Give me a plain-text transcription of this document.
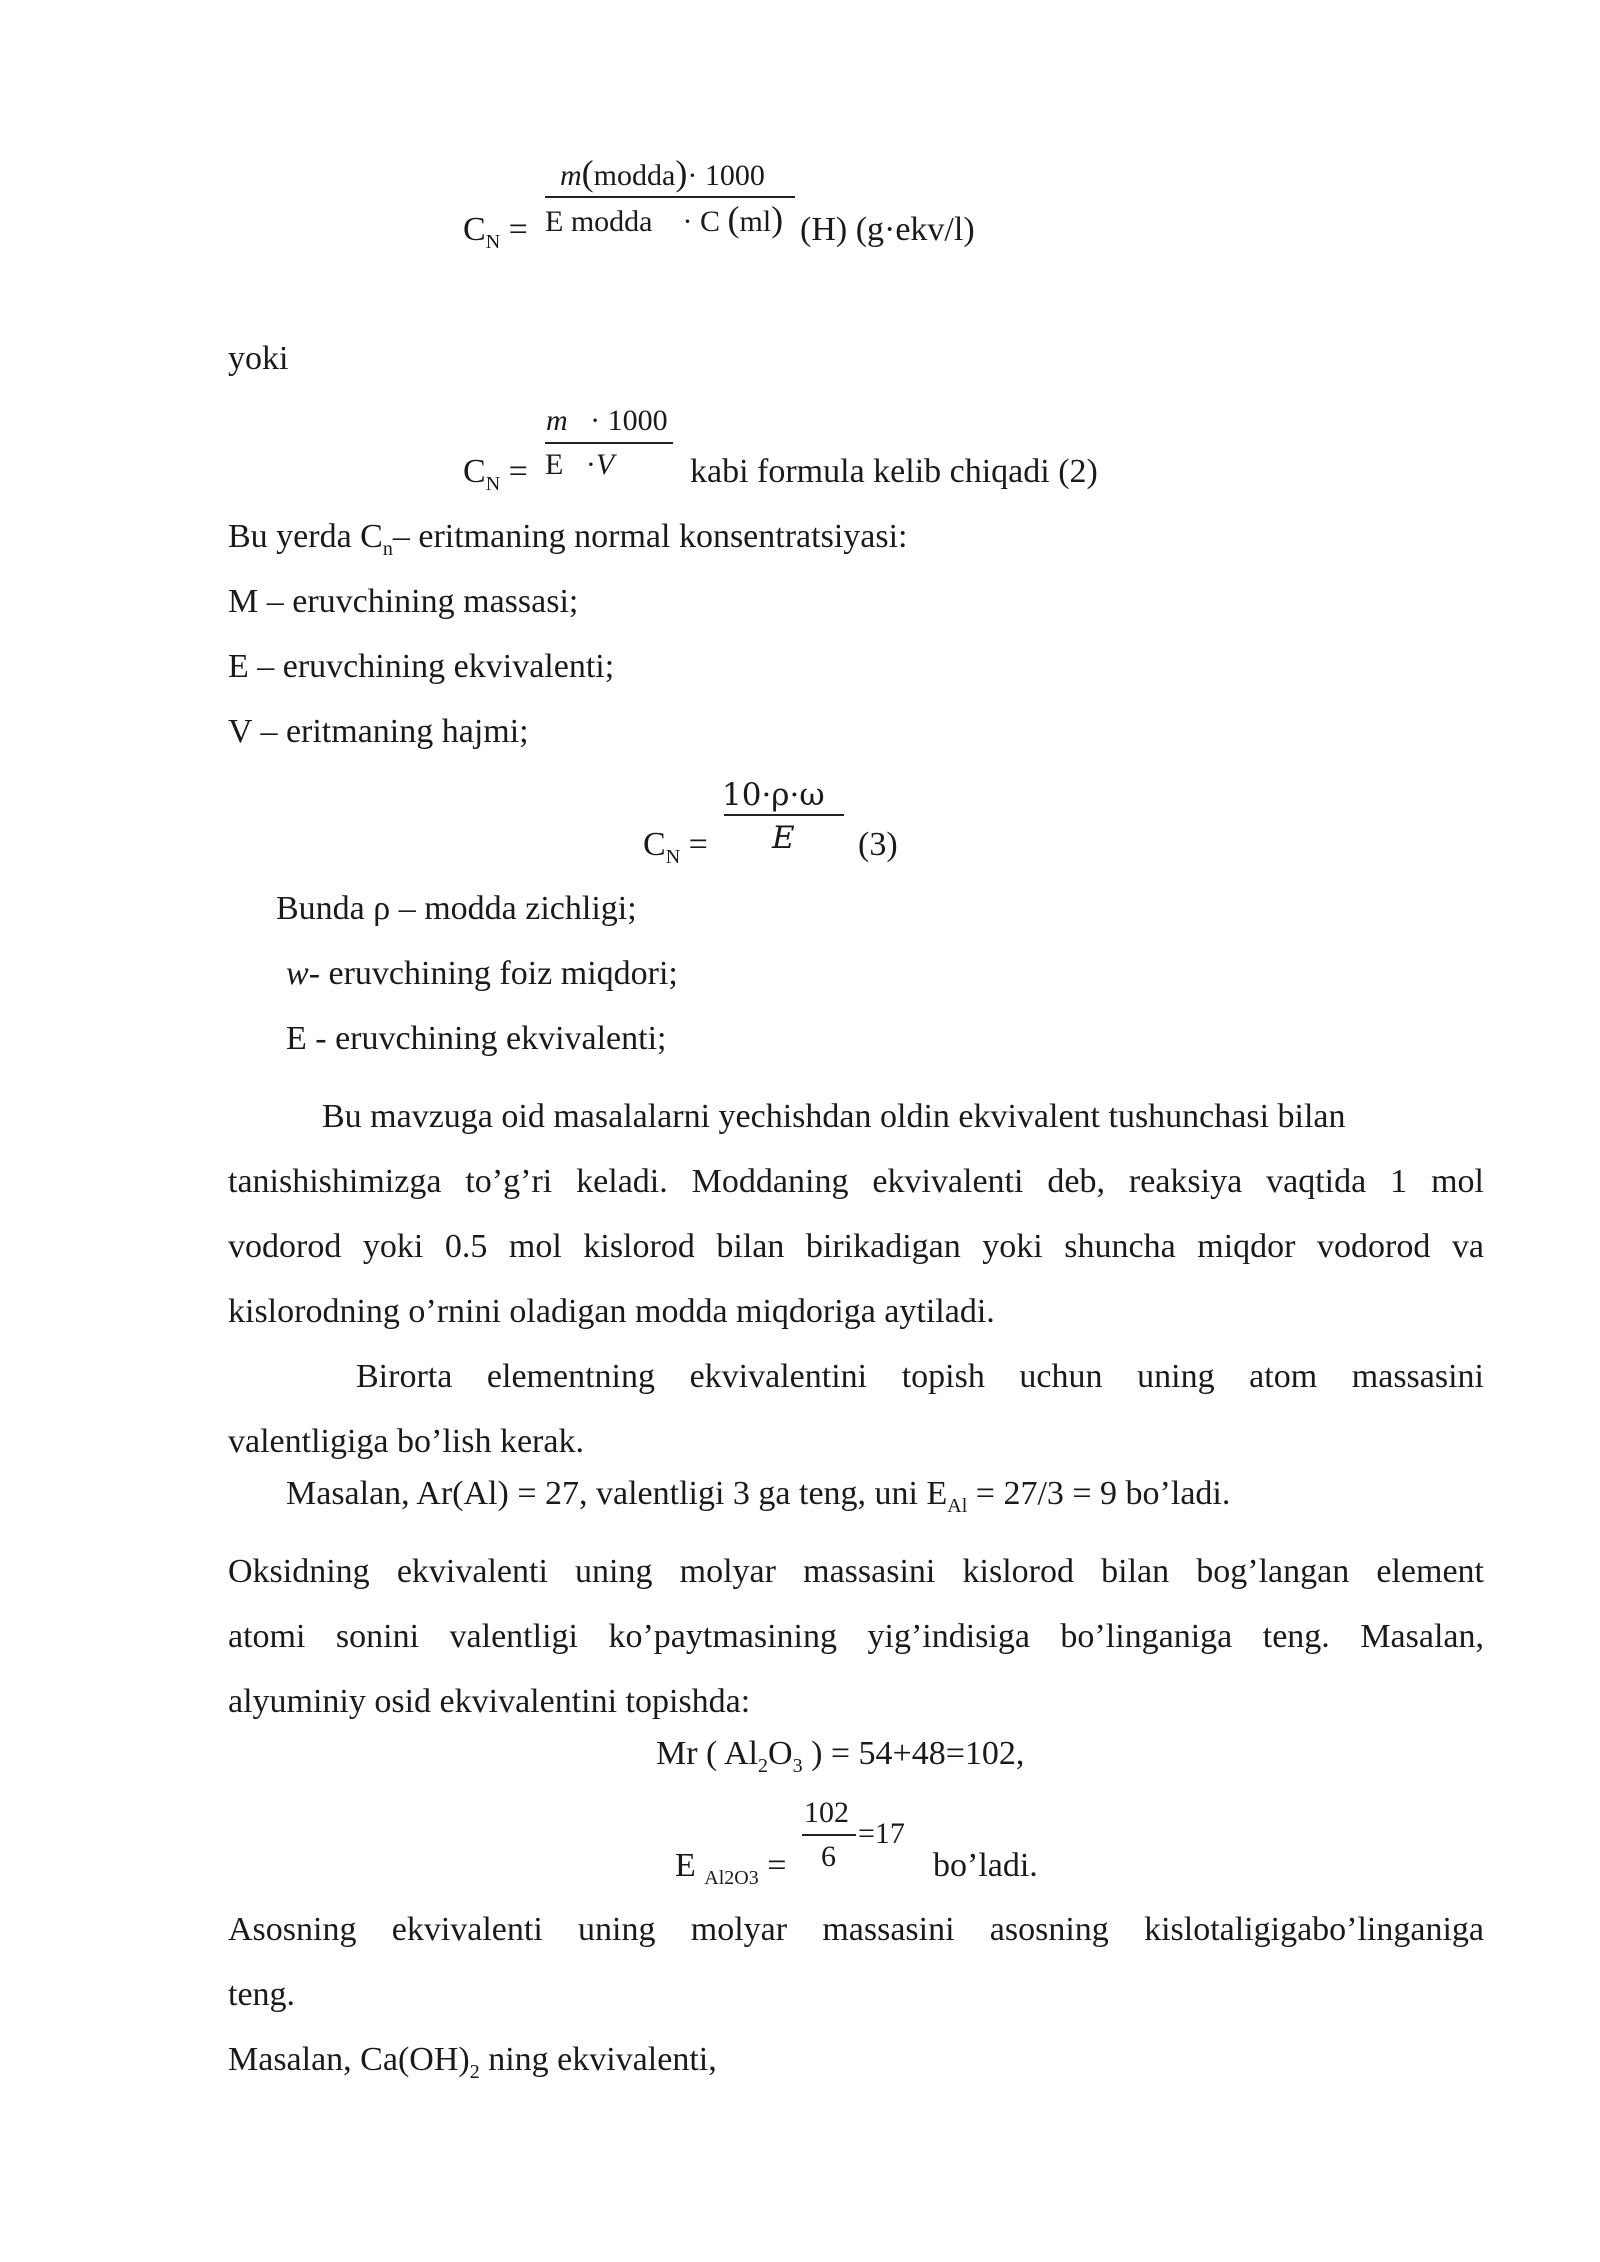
m(modda)· 1000
$C_N = E$ modda · C (ml) (H) (g·ekv/l)
yoki
m · 1000
$C_N = E \cdot V$ kabi formula kelib chiqadi (2)
Bu yerda $C_n-$ eritmaning normal konsentratsiyasi:
M – eruvchining massasi;
E – eruvchining ekvivalenti;
V – eritmaning hajmi;
10·ρ·ω
E
$C_N$ =	(3)
Bunda ρ – modda zichligi;
w- eruvchining foiz miqdori;
E - eruvchining ekvivalenti;
Bu mavzuga oid masalalarni yechishdan oldin ekvivalent tushunchasi bilan
tanishishimizga to’g’ri keladi. Moddaning ekvivalenti deb, reaksiya vaqtida 1 mol
vodorod yoki 0.5 mol kislorod bilan birikadigan yoki shuncha miqdor vodorod va
kislorodning o’rnini oladigan modda miqdoriga aytiladi.
Birorta elementning ekvivalentini topish uchun uning atom massasini
valentligiga bo’lish kerak.
Masalan, Ar(Al) = 27, valentligi 3 ga teng, uni $E_{Al} = 27/3 = 9$ bo’ladi.
Oksidning ekvivalenti uning molyar massasini kislorod bilan bog’langan element
atomi sonini valentligi ko’paytmasining yig’indisiga bo’linganiga teng. Masalan,
alyuminiy osid ekvivalentini topishda:
Mr ( $Al_2O_3$ ) = 54+48=102,
102
6
=17
E $_{Al2O3}$ =	bo’ladi.
Asosning ekvivalenti uning molyar massasini asosning kislotaligigabo’linganiga
teng.
Masalan, $Ca(OH)_2$ ning ekvivalenti,
